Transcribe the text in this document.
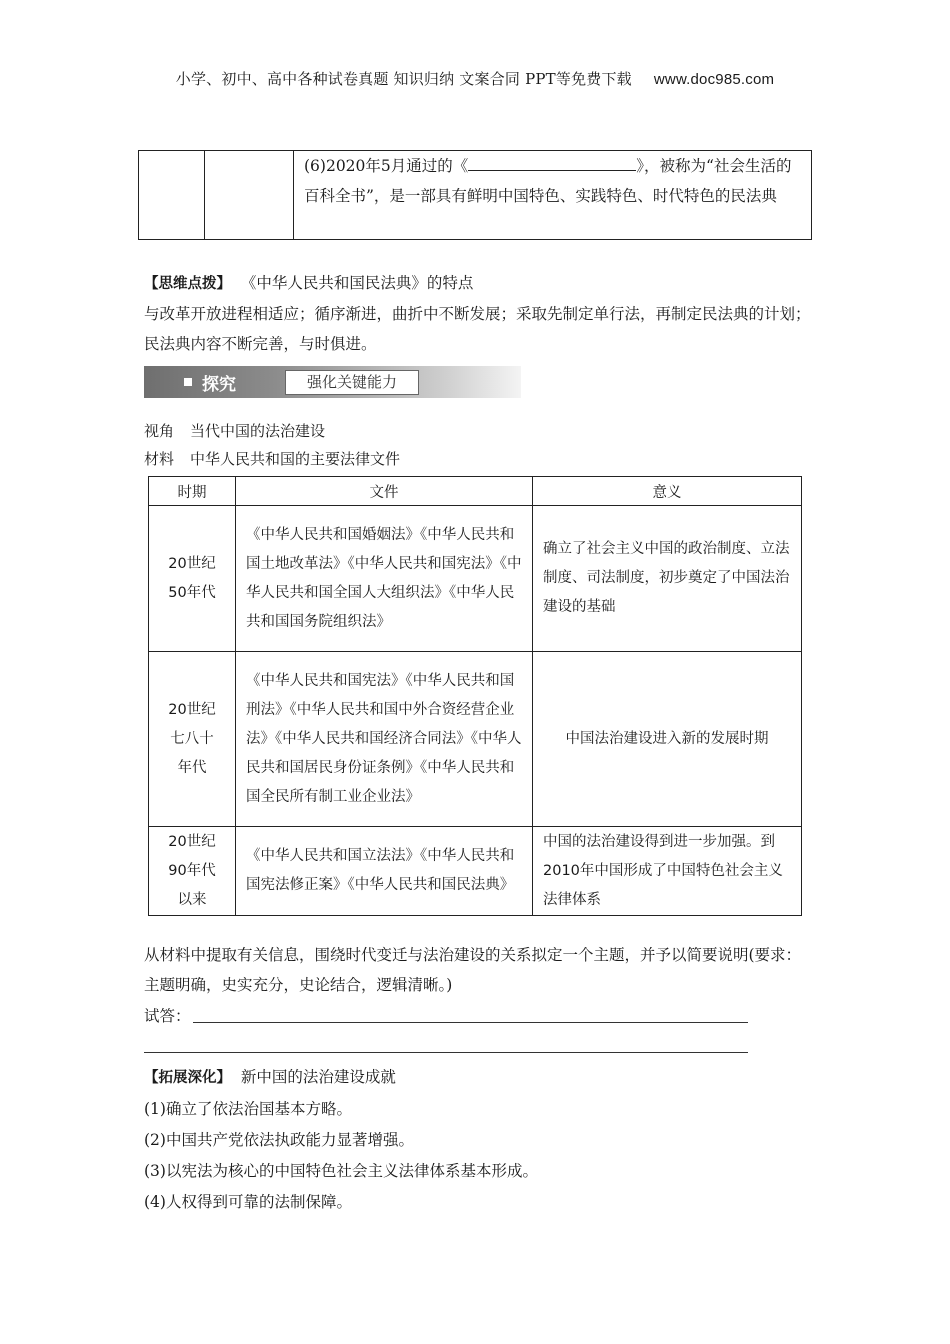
小学、初中、高中各种试卷真题 知识归纳 文案合同 PPT等免费下载 www.doc985.com
		(6)2020年5月通过的《	》，被称为“社会生活的百科全书”，是一部具有鲜明中国特色、实践特色、时代特色的民法典

【思维点拨】 《中华人民共和国民法典》的特点

与改革开放进程相适应；循序渐进，曲折中不断发展；采取先制定单行法，再制定民法典的计划；民法典内容不断完善，与时俱进。

探究	强化关键能力
视角 当代中国的法治建设
材料 中华人民共和国的主要法律文件
时期	文件	意义

20世纪50年代	《中华人民共和国婚姻法》《中华人民共和国土地改革法》《中华人民共和国宪法》《中华人民共和国全国人大组织法》《中华人民共和国国务院组织法》	确立了社会主义中国的政治制度、立法制度、司法制度，初步奠定了中国法治建设的基础

20世纪七八十年代	《中华人民共和国宪法》《中华人民共和国刑法》《中华人民共和国中外合资经营企业法》《中华人民共和国经济合同法》《中华人民共和国居民身份证条例》《中华人民共和国全民所有制工业企业法》	中国法治建设进入新的发展时期

20世纪90年代以来	《中华人民共和国立法法》《中华人民共和国宪法修正案》《中华人民共和国民法典》	中国的法治建设得到进一步加强。到2010年中国形成了中国特色社会主义法律体系
从材料中提取有关信息，围绕时代变迁与法治建设的关系拟定一个主题，并予以简要说明(要求：主题明确，史实充分，史论结合，逻辑清晰。)
试答：

【拓展深化】 新中国的法治建设成就

(1)确立了依法治国基本方略。

(2)中国共产党依法执政能力显著增强。

(3)以宪法为核心的中国特色社会主义法律体系基本形成。

(4)人权得到可靠的法制保障。
